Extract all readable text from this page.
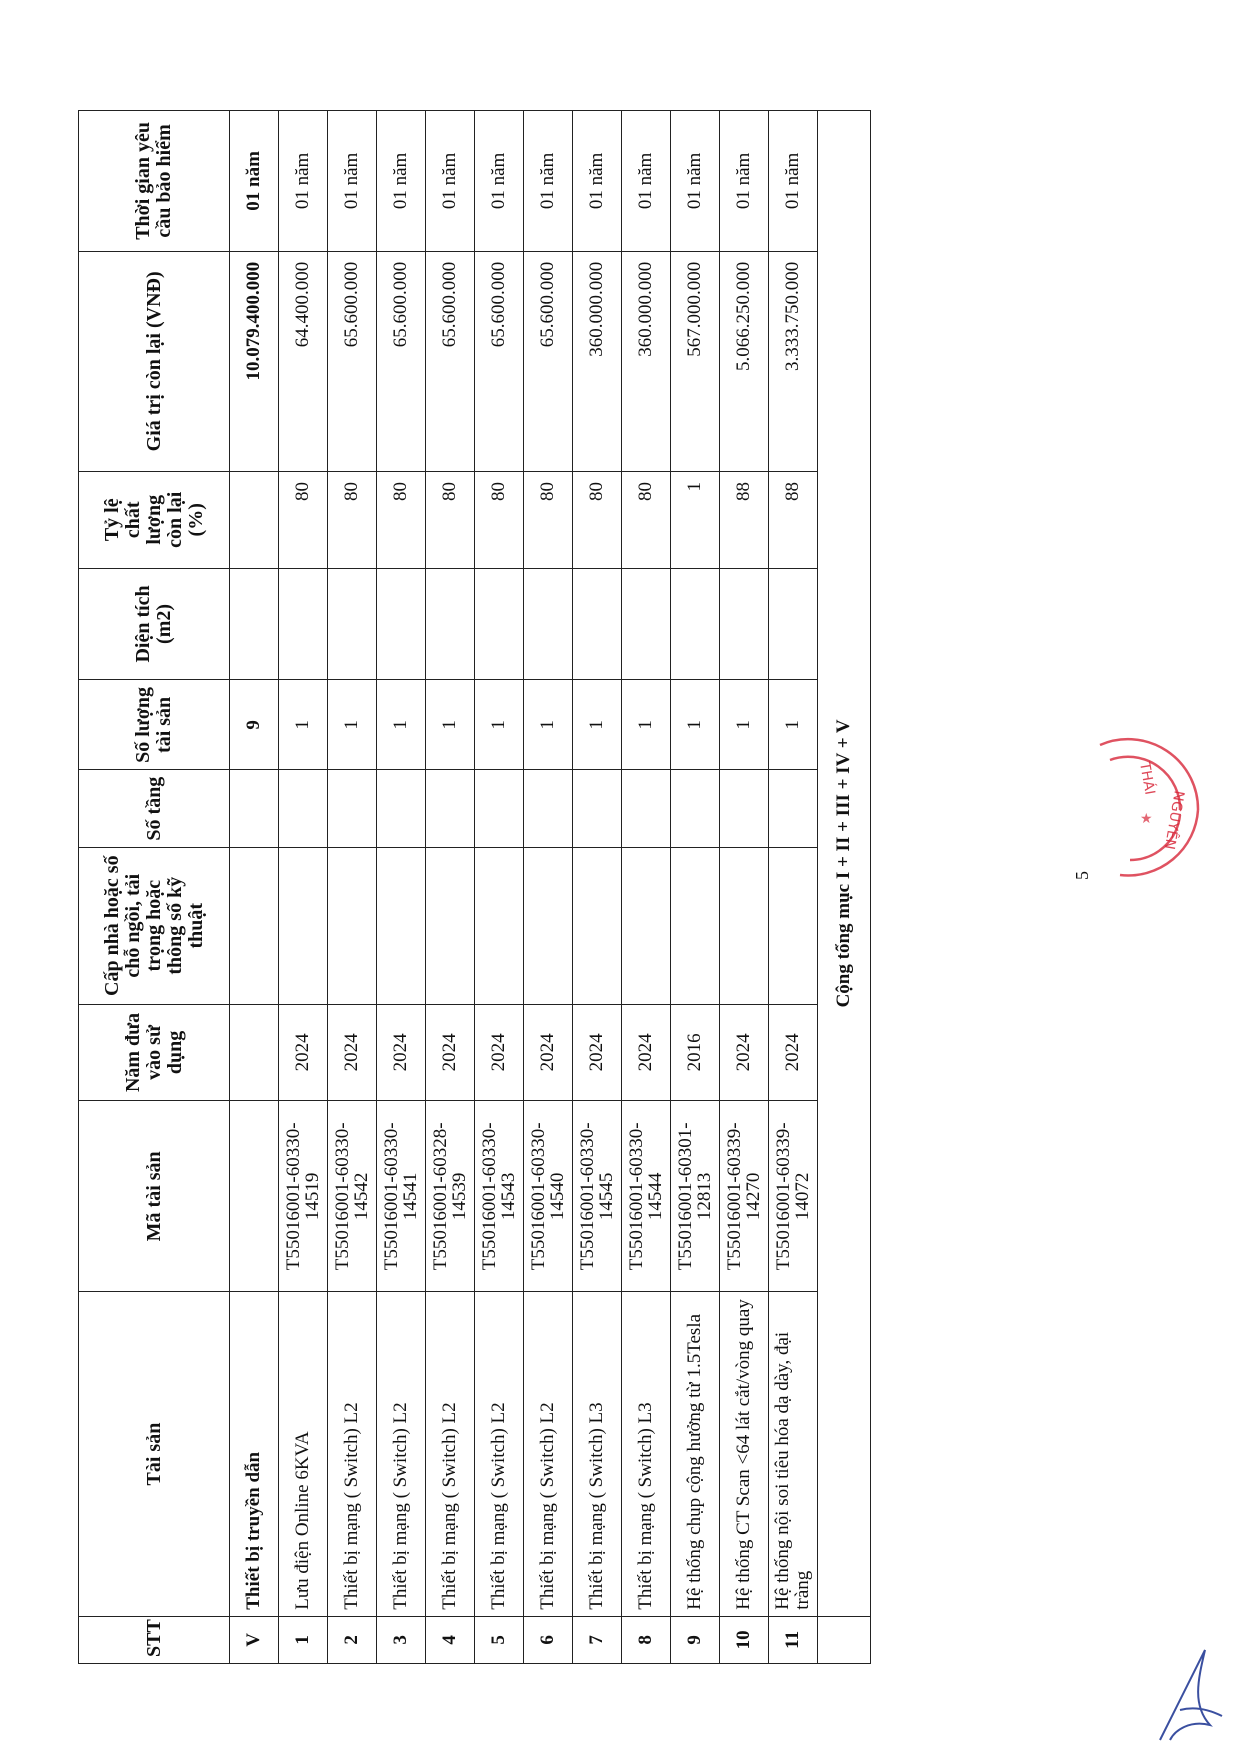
STT	Tài sản	Mã tài sản	Năm đưa vào sử dụng	Cấp nhà hoặc số chỗ ngồi, tải trọng hoặc thông số kỹ thuật	Số tầng	Số lượng tài sản	Diện tích (m2)	Tỷ lệ chất lượng còn lại (%)	Giá trị còn lại (VNĐ)	Thời gian yêu cầu bảo hiểm
V	Thiết bị truyền dẫn					9			10.079.400.000	01 năm
1	Lưu điện Online 6KVA	T55016001-60330-14519	2024			1		80	64.400.000	01 năm
2	Thiết bị mạng ( Switch) L2	T55016001-60330-14542	2024			1		80	65.600.000	01 năm
3	Thiết bị mạng ( Switch) L2	T55016001-60330-14541	2024			1		80	65.600.000	01 năm
4	Thiết bị mạng ( Switch) L2	T55016001-60328-14539	2024			1		80	65.600.000	01 năm
5	Thiết bị mạng ( Switch) L2	T55016001-60330-14543	2024			1		80	65.600.000	01 năm
6	Thiết bị mạng ( Switch) L2	T55016001-60330-14540	2024			1		80	65.600.000	01 năm
7	Thiết bị mạng ( Switch) L3	T55016001-60330-14545	2024			1		80	360.000.000	01 năm
8	Thiết bị mạng ( Switch) L3	T55016001-60330-14544	2024			1		80	360.000.000	01 năm
9	Hệ thống chụp cộng hưởng từ 1.5Tesla	T55016001-60301-12813	2016			1		1	567.000.000	01 năm
10	Hệ thống CT Scan <64 lát cắt/vòng quay	T55016001-60339-14270	2024			1		88	5.066.250.000	01 năm
11	Hệ thống nội soi tiêu hóa dạ dày, đại tràng	T55016001-60339-14072	2024			1		88	3.333.750.000	01 năm
	Cộng tổng mục I + II + III + IV + V										THÁI
NGUYÊN
★
5
